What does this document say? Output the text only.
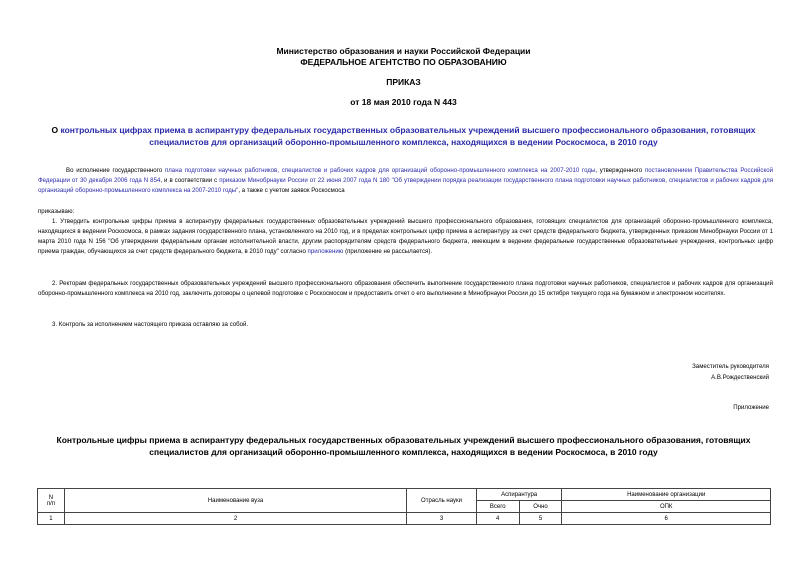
Министерство образования и науки Российской Федерации
ФЕДЕРАЛЬНОЕ АГЕНТСТВО ПО ОБРАЗОВАНИЮ
ПРИКАЗ
от 18 мая 2010 года N 443
О контрольных цифрах приема в аспирантуру федеральных государственных образовательных учреждений высшего профессионального образования, готовящих специалистов для организаций оборонно-промышленного комплекса, находящихся в ведении Роскосмоса, в 2010 году
Во исполнение государственного плана подготовки научных работников, специалистов и рабочих кадров для организаций оборонно-промышленного комплекса на 2007-2010 годы, утвержденного постановлением Правительства Российской Федерации от 30 декабря 2006 года N 854, и в соответствии с приказом Минобрнауки России от 22 июня 2007 года N 180 "Об утверждении порядка реализации государственного плана подготовки научных работников, специалистов и рабочих кадров для организаций оборонно-промышленного комплекса на 2007-2010 годы", а также с учетом заявок Роскосмоса
приказываю:
1. Утвердить контрольные цифры приема в аспирантуру федеральных государственных образовательных учреждений высшего профессионального образования, готовящих специалистов для организаций оборонно-промышленного комплекса, находящихся в ведении Роскосмоса, в рамках задания государственного плана, установленного на 2010 год, и в пределах контрольных цифр приема в аспирантуру за счет средств федерального бюджета, утвержденных приказом Минобрнауки России от 1 марта 2010 года N 156 "Об утверждении федеральным органам исполнительной власти, другим распорядителям средств федерального бюджета, имеющим в ведении федеральные государственные образовательные учреждения, контрольных цифр приема граждан, обучающихся за счет средств федерального бюджета, в 2010 году" согласно приложению (приложение не рассылается).
2. Ректорам федеральных государственных образовательных учреждений высшего профессионального образования обеспечить выполнение государственного плана подготовки научных работников, специалистов и рабочих кадров для организаций оборонно-промышленного комплекса на 2010 год, заключить договоры о целевой подготовке с Роскосмосом и предоставить отчет о его выполнении в Минобрнауки России до 15 октября текущего года на бумажном и электронном носителях.
3. Контроль за исполнением настоящего приказа оставляю за собой.
Заместитель руководителя
А.В.Рождественский
Приложение
Контрольные цифры приема в аспирантуру федеральных государственных образовательных учреждений высшего профессионального образования, готовящих специалистов для организаций оборонно-промышленного комплекса, находящихся в ведении Роскосмоса, в 2010 году
N
п/п	Наименование вуза	Отрасль науки	Аспирантура		Наименование организации
			Всего	Очно	ОПК
1	2	3	4	5	6
